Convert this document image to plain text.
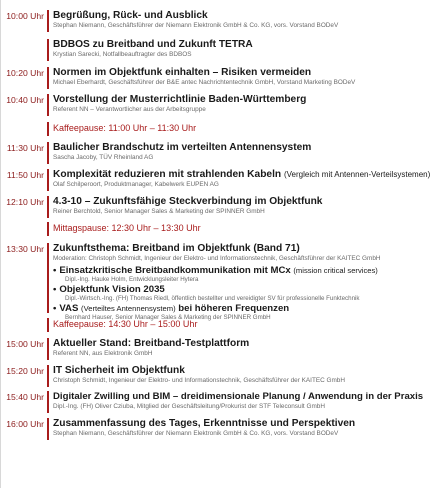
10:00 Uhr Begrüßung, Rück- und Ausblick
Stephan Niemann, Geschäftsführer der Niemann Elektronik GmbH & Co. KG, vors. Vorstand BODeV
BDBOS zu Breitband und Zukunft TETRA
Krystian Sarecki, Notfallbeauftragter des BDBOS
10:20 Uhr Normen im Objektfunk einhalten – Risiken vermeiden
Michael Eberhardt, Geschäftsführer der B&E antec Nachrichtentechnik GmbH, Vorstand Marketing BODeV
10:40 Uhr Vorstellung der Musterrichtlinie Baden-Württemberg
Referent NN – Verantwortlicher aus der Arbeitsgruppe
Kaffeepause: 11:00 Uhr – 11:30 Uhr
11:30 Uhr Baulicher Brandschutz im verteilten Antennensystem
Sascha Jacoby, TÜV Rheinland AG
11:50 Uhr Komplexität reduzieren mit strahlenden Kabeln (Vergleich mit Antennen-Verteilsystemen)
Olaf Schilperoort, Produktmanager, Kabelwerk EUPEN AG
12:10 Uhr 4.3-10 – Zukunftsfähige Steckverbindung im Objektfunk
Reiner Berchtold, Senior Manager Sales & Marketing der SPINNER GmbH
Mittagspause: 12:30 Uhr – 13:30 Uhr
13:30 Uhr Zukunftsthema: Breitband im Objektfunk (Band 71)
Moderation: Christoph Schmidt, Ingenieur der Elektro- und Informationstechnik, Geschäftsführer der KAITEC GmbH
• Einsatzkritische Breitbandkommunikation mit MCx (mission critical services)
Dipl.-Ing. Hauke Holm, Entwicklungsleiter Hytera
• Objektfunk Vision 2035
Dipl.-Wirtsch.-Ing. (FH) Thomas Riedl, öffentlich bestellter und vereidigter SV für professionelle Funktechnik
• VAS (Verteiltes Antennensystem) bei höheren Frequenzen
Bernhard Hauser, Senior Manager Sales & Marketing der SPINNER GmbH
Kaffeepause: 14:30 Uhr – 15:00 Uhr
15:00 Uhr Aktueller Stand: Breitband-Testplattform
Referent NN, aus Elektronik GmbH
15:20 Uhr IT Sicherheit im Objektfunk
Christoph Schmidt, Ingenieur der Elektro- und Informationstechnik, Geschäftsführer der KAITEC GmbH
15:40 Uhr Digitaler Zwilling und BIM – dreidimensionale Planung / Anwendung in der Praxis
Dipl.-Ing. (FH) Oliver Cziuba, Mitglied der Geschäftsleitung/Prokurist der STF Teleconsult GmbH
16:00 Uhr Zusammenfassung des Tages, Erkenntnisse und Perspektiven
Stephan Niemann, Geschäftsführer der Niemann Elektronik GmbH & Co. KG, vors. Vorstand BODeV
